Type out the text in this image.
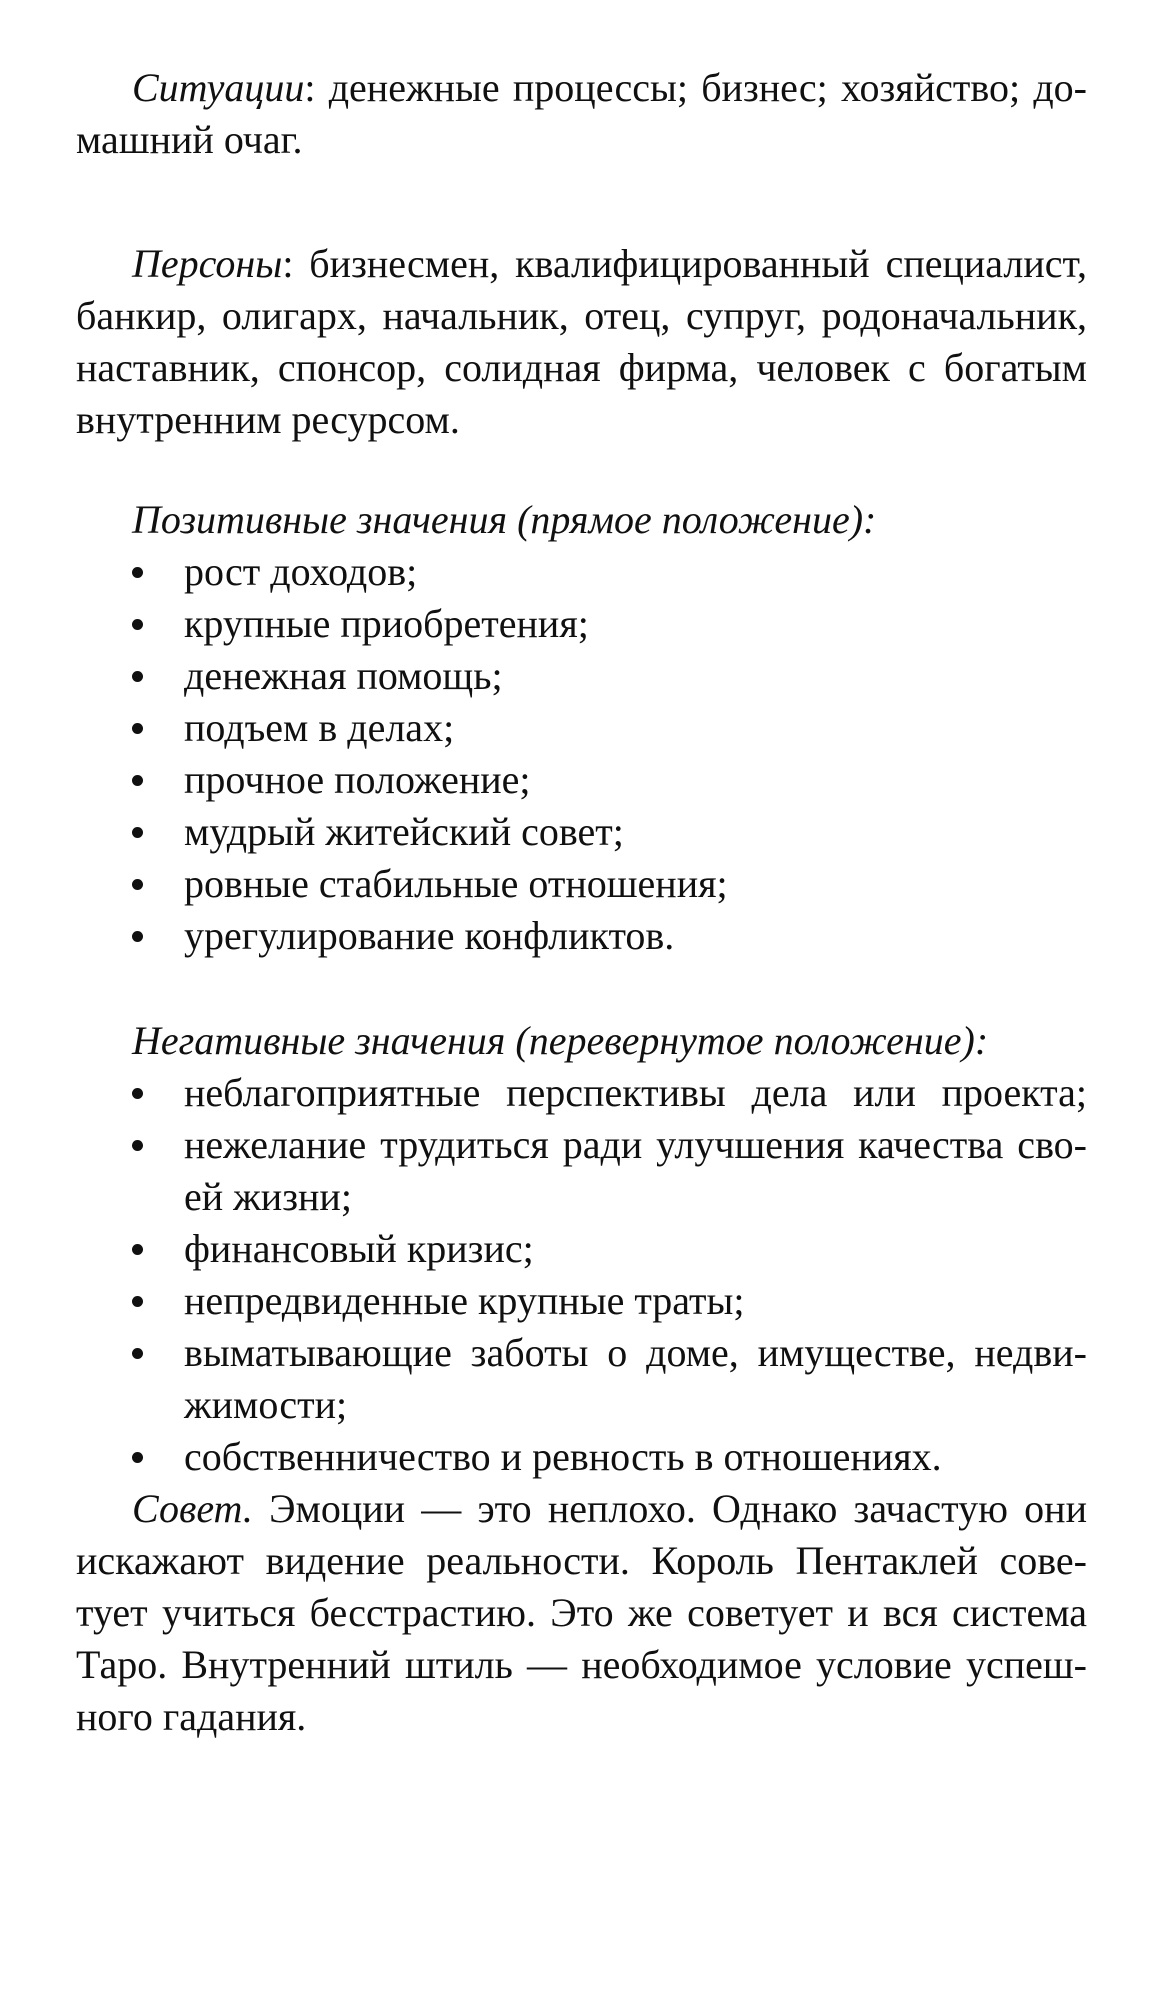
Ситуации: денежные процессы; бизнес; хозяйство; до-
машний очаг.
Персоны: бизнесмен, квалифицированный специалист,
банкир, олигарх, начальник, отец, супруг, родоначальник,
наставник, спонсор, солидная фирма, человек с богатым
внутренним ресурсом.
Позитивные значения (прямое положение):
рост доходов;
крупные приобретения;
денежная помощь;
подъем в делах;
прочное положение;
мудрый житейский совет;
ровные стабильные отношения;
урегулирование конфликтов.
Негативные значения (перевернутое положение):
неблагоприятные перспективы дела или проекта;
нежелание трудиться ради улучшения качества сво-
ей жизни;
финансовый кризис;
непредвиденные крупные траты;
выматывающие заботы о доме, имуществе, недви-
жимости;
собственничество и ревность в отношениях.
Совет. Эмоции — это неплохо. Однако зачастую они
искажают видение реальности. Король Пентаклей сове-
тует учиться бесстрастию. Это же советует и вся система
Таро. Внутренний штиль — необходимое условие успеш-
ного гадания.
